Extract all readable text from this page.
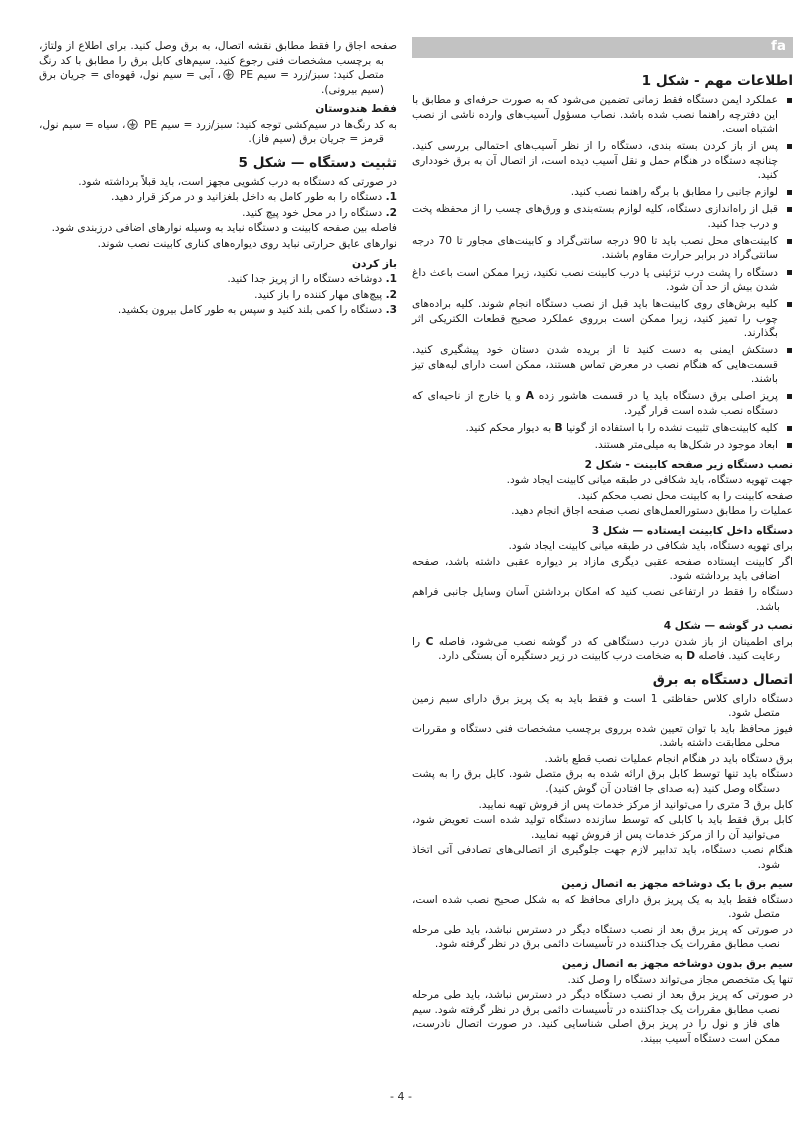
صفحه اجاق را فقط مطابق نقشه اتصال، به برق وصل کنید. برای اطلاع از ولتاژ، به برچسب مشخصات فنی رجوع کنید. سیم‌های کابل برق را مطابق با کد رنگ متصل کنید: سبز/زرد = سیم PE
، آبی = سیم نول، قهوه‌ای = جریان برق (سیم بیرونی).
فقط هندوستان
به کد رنگ‌ها در سیم‌کشی توجه کنید: سبز/زرد = سیم PE
، سیاه = سیم نول، قرمز = جریان برق (سیم فاز).
تثبیت دستگاه — شکل 5
در صورتی که دستگاه به درب کشویی مجهز است، باید قبلاً برداشته شود.
1. دستگاه را به طور کامل به داخل بلغزانید و در مرکز قرار دهید.
2. دستگاه را در محل خود پیچ کنید.
فاصله بین صفحه کابینت و دستگاه نباید به وسیله نوارهای اضافی درزبندی شود.
نوارهای عایق حرارتی نباید روی دیواره‌های کناری کابینت نصب شوند.
باز کردن
1. دوشاخه دستگاه را از پریز جدا کنید.
2. پیچ‌های مهار کننده را باز کنید.
3. دستگاه را کمی بلند کنید و سپس به طور کامل بیرون بکشید.
fa
اطلاعات مهم - شکل 1
عملکرد ایمن دستگاه فقط زمانی تضمین می‌شود که به صورت حرفه‌ای و مطابق با این دفترچه راهنما نصب شده باشد. نصاب مسؤول آسیب‌های وارده ناشی از نصب اشتباه است.
پس از باز کردن بسته بندی، دستگاه را از نظر آسیب‌های احتمالی بررسی کنید. چنانچه دستگاه در هنگام حمل و نقل آسیب دیده است، از اتصال آن به برق خودداری کنید.
لوازم جانبی را مطابق با برگه راهنما نصب کنید.
قبل از راه‌اندازی دستگاه، کلیه لوازم بسته‌بندی و ورق‌های چسب را از محفظه پخت و درب جدا کنید.
کابینت‌های محل نصب باید تا 90 درجه سانتی‌گراد و کابینت‌های مجاور تا 70 درجه سانتی‌گراد در برابر حرارت مقاوم باشند.
دستگاه را پشت درب تزئینی یا درب کابینت نصب نکنید، زیرا ممکن است باعث داغ شدن بیش از حد آن شود.
کلیه برش‌های روی کابینت‌ها باید قبل از نصب دستگاه انجام شوند. کلیه براده‌های چوب را تمیز کنید، زیرا ممکن است برروی عملکرد صحیح قطعات الکتریکی اثر بگذارند.
دستکش ایمنی به دست کنید تا از بریده شدن دستان خود پیشگیری کنید. قسمت‌هایی که هنگام نصب در معرض تماس هستند، ممکن است دارای لبه‌های تیز باشند.
پریز اصلی برق دستگاه باید یا در قسمت هاشور زده A و یا خارج از ناحیه‌ای که دستگاه نصب شده است قرار گیرد.
کلیه کابینت‌های تثبیت نشده را با استفاده از گونیا B به دیوار محکم کنید.
ابعاد موجود در شکل‌ها به میلی‌متر هستند.
نصب دستگاه زیر صفحه کابینت - شکل 2
جهت تهویه دستگاه، باید شکافی در طبقه میانی کابینت ایجاد شود.
صفحه کابینت را به کابینت محل نصب محکم کنید.
عملیات را مطابق دستورالعمل‌های نصب صفحه اجاق انجام دهید.
دستگاه داخل کابینت ایستاده — شکل 3
برای تهویه دستگاه، باید شکافی در طبقه میانی کابینت ایجاد شود.
اگر کابینت ایستاده صفحه عقبی دیگری مازاد بر دیواره عقبی داشته باشد، صفحه اضافی باید برداشته شود.
دستگاه را فقط در ارتفاعی نصب کنید که امکان برداشتن آسان وسایل جانبی فراهم باشد.
نصب در گوشه — شکل 4
برای اطمینان از باز شدن درب دستگاهی که در گوشه نصب می‌شود، فاصله C را رعایت کنید. فاصله D به ضخامت درب کابینت در زیر دستگیره آن بستگی دارد.
اتصال دستگاه به برق
دستگاه دارای کلاس حفاظتی 1 است و فقط باید به یک پریز برق دارای سیم زمین متصل شود.
فیوز محافظ باید با توان تعیین شده برروی برچسب مشخصات فنی دستگاه و مقررات محلی مطابقت داشته باشد.
برق دستگاه باید در هنگام انجام عملیات نصب قطع باشد.
دستگاه باید تنها توسط کابل برق ارائه شده به برق متصل شود. کابل برق را به پشت دستگاه وصل کنید (به صدای جا افتادن آن گوش کنید).
کابل برق 3 متری را می‌توانید از مرکز خدمات پس از فروش تهیه نمایید.
کابل برق فقط باید با کابلی که توسط سازنده دستگاه تولید شده است تعویض شود، می‌توانید آن را از مرکز خدمات پس از فروش تهیه نمایید.
هنگام نصب دستگاه، باید تدابیر لازم جهت جلوگیری از اتصالی‌های تصادفی آتی اتخاذ شود.
سیم برق با یک دوشاخه مجهز به اتصال زمین
دستگاه فقط باید به یک پریز برق دارای محافظ که به شکل صحیح نصب شده است، متصل شود.
در صورتی که پریز برق بعد از نصب دستگاه دیگر در دسترس نباشد، باید طی مرحله نصب مطابق مقررات یک جداکننده در تأسیسات دائمی برق در نظر گرفته شود.
سیم برق بدون دوشاخه مجهز به اتصال زمین
تنها یک متخصص مجاز می‌تواند دستگاه را وصل کند.
در صورتی که پریز برق بعد از نصب دستگاه دیگر در دسترس نباشد، باید طی مرحله نصب مطابق مقررات یک جداکننده در تأسیسات دائمی برق در نظر گرفته شود. سیم های فاز و نول را در پریز برق اصلی شناسایی کنید. در صورت اتصال نادرست، ممکن است دستگاه آسیب ببیند.
- 4 -
